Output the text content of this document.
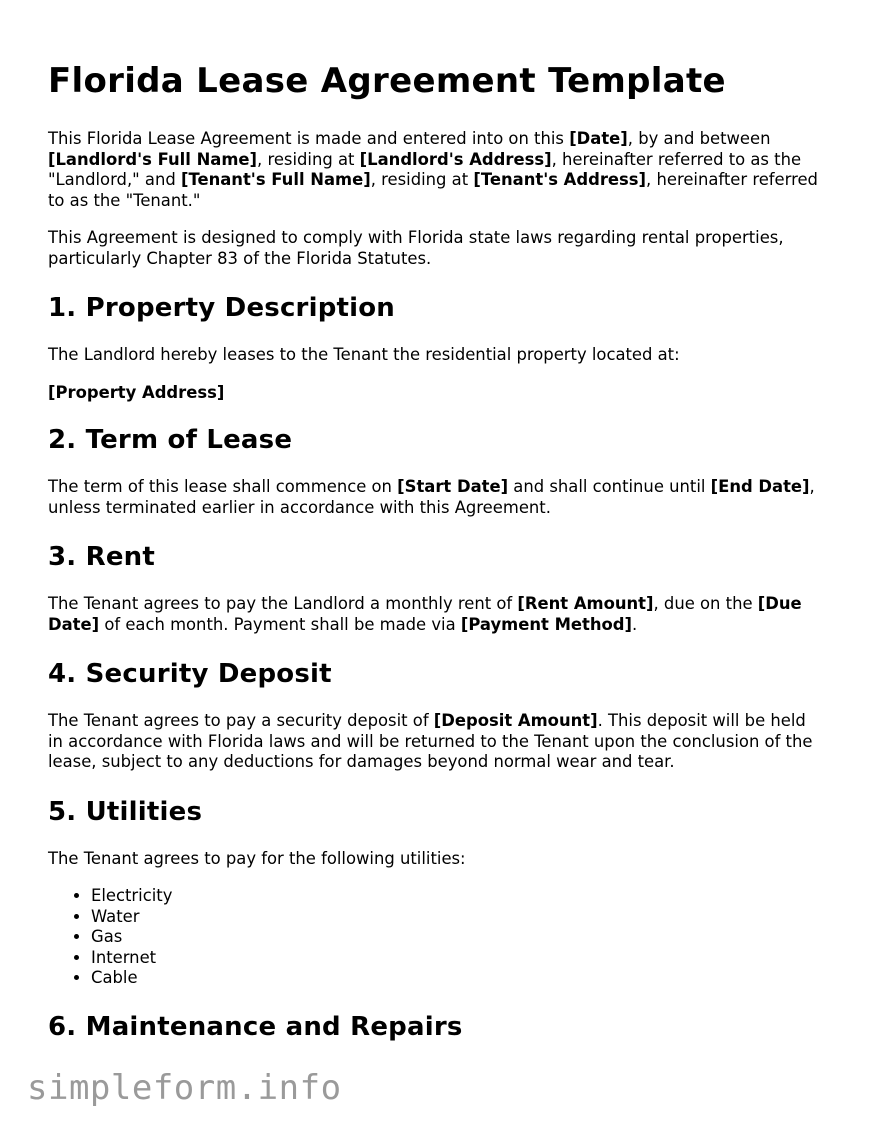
Florida Lease Agreement Template

This Florida Lease Agreement is made and entered into on this [Date], by and between [Landlord's Full Name], residing at [Landlord's Address], hereinafter referred to as the "Landlord," and [Tenant's Full Name], residing at [Tenant's Address], hereinafter referred to as the "Tenant."

This Agreement is designed to comply with Florida state laws regarding rental properties, particularly Chapter 83 of the Florida Statutes.

1. Property Description

The Landlord hereby leases to the Tenant the residential property located at:

[Property Address]

2. Term of Lease

The term of this lease shall commence on [Start Date] and shall continue until [End Date], unless terminated earlier in accordance with this Agreement.

3. Rent

The Tenant agrees to pay the Landlord a monthly rent of [Rent Amount], due on the [Due Date] of each month. Payment shall be made via [Payment Method].

4. Security Deposit

The Tenant agrees to pay a security deposit of [Deposit Amount]. This deposit will be held in accordance with Florida laws and will be returned to the Tenant upon the conclusion of the lease, subject to any deductions for damages beyond normal wear and tear.

5. Utilities

The Tenant agrees to pay for the following utilities:

• Electricity
• Water
• Gas
• Internet
• Cable
6. Maintenance and Repairs
simpleform.info
